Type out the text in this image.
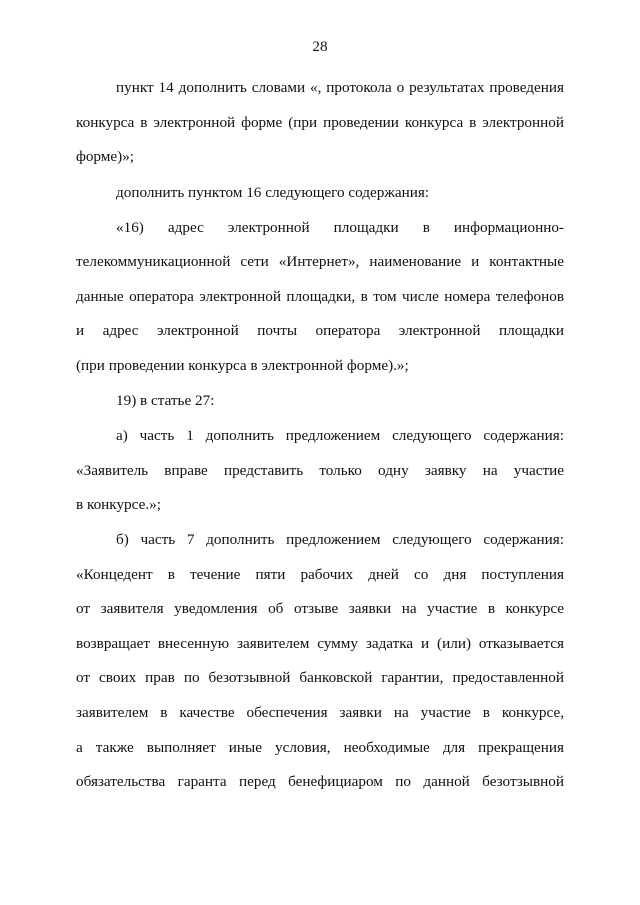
28
пункт 14 дополнить словами «, протокола о результатах проведения
конкурса в электронной форме (при проведении конкурса в электронной
форме)»;
дополнить пунктом 16 следующего содержания:
«16) адрес электронной площадки в информационно-
телекоммуникационной сети «Интернет», наименование и контактные
данные оператора электронной площадки, в том числе номера телефонов
и адрес электронной почты оператора электронной площадки
(при проведении конкурса в электронной форме).»;
19) в статье 27:
а) часть 1 дополнить предложением следующего содержания:
«Заявитель вправе представить только одну заявку на участие
в конкурсе.»;
б) часть 7 дополнить предложением следующего содержания:
«Концедент в течение пяти рабочих дней со дня поступления
от заявителя уведомления об отзыве заявки на участие в конкурсе
возвращает внесенную заявителем сумму задатка и (или) отказывается
от своих прав по безотзывной банковской гарантии, предоставленной
заявителем в качестве обеспечения заявки на участие в конкурсе,
а также выполняет иные условия, необходимые для прекращения
обязательства гаранта перед бенефициаром по данной безотзывной
